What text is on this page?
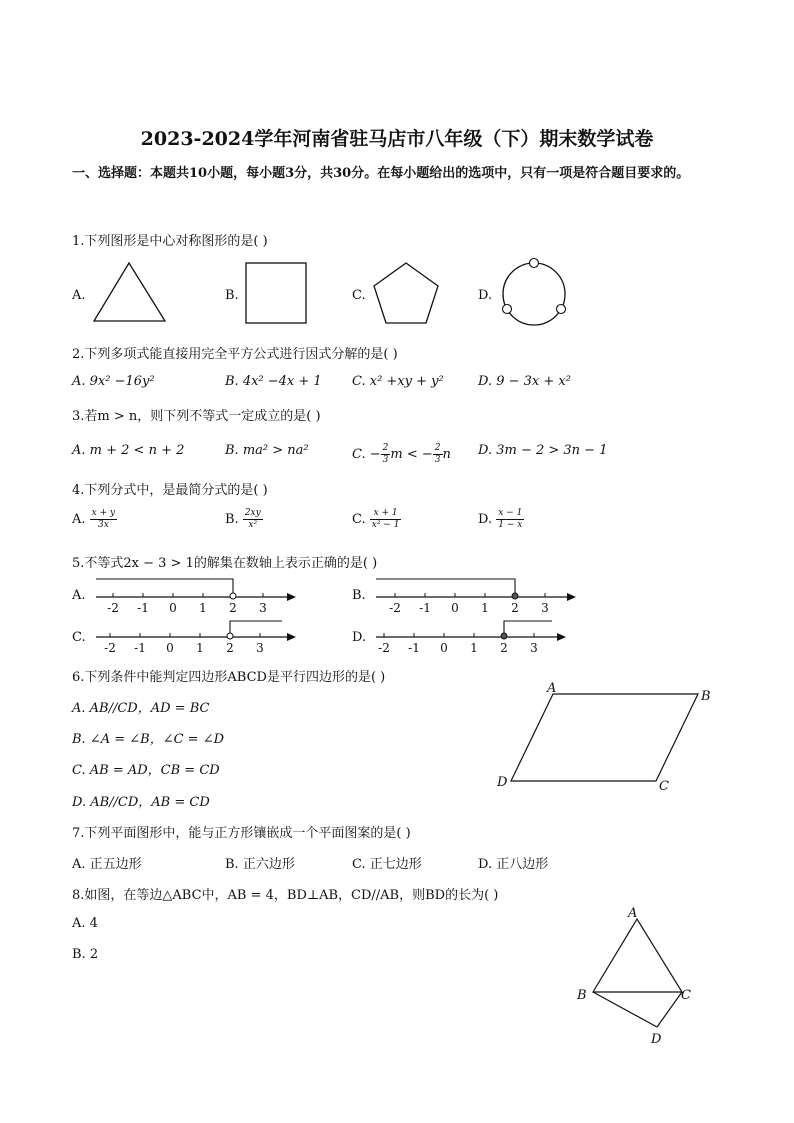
2023-2024学年河南省驻马店市八年级（下）期末数学试卷
一、选择题：本题共10小题，每小题3分，共30分。在每小题给出的选项中，只有一项是符合题目要求的。
1.下列图形是中心对称图形的是( )
A.	B.	C.	D.
2.下列多项式能直接用完全平方公式进行因式分解的是( )
A. 9x² −16y²	B. 4x² −4x + 1 C. x² +xy + y²	D. 9 − 3x + x²
3.若m > n，则下列不等式一定成立的是( )
A. m + 2 < n + 2	B. ma² > na²	C. − $\frac{2}{3}$ m < − $\frac{2}{3}$ n D. 3m − 2 > 3n − 1
4.下列分式中，是最简分式的是( )
A. $\frac{x + y}{3x}$	B. $\frac{2xy}{\text{x²}}$	C. $\frac{x + 1}{\text{x² − 1}}$	D. $\frac{x - 1}{1 - x}$
5.不等式2x − 3 > 1的解集在数轴上表示正确的是( )
A.	B.
C.	D.
-2 -1 0 1 2 3	-2 -1 0 1 2 3
-2 -1 0 1 2 3	-2 -1 0 1 2 3
6.下列条件中能判定四边形ABCD是平行四边形的是( )
A. AB//CD，AD = BC
B. ∠A = ∠B，∠C = ∠D
C. AB = AD，CB = CD
D. AB//CD，AB = CD
A
B
C
D
7.下列平面图形中，能与正方形镶嵌成一个平面图案的是( )
A. 正五边形	B. 正六边形	C. 正七边形	D. 正八边形
8.如图，在等边△ABC中，AB = 4，BD⊥AB，CD//AB，则BD的长为( )
A. 4
B. 2
A
B	C
D
